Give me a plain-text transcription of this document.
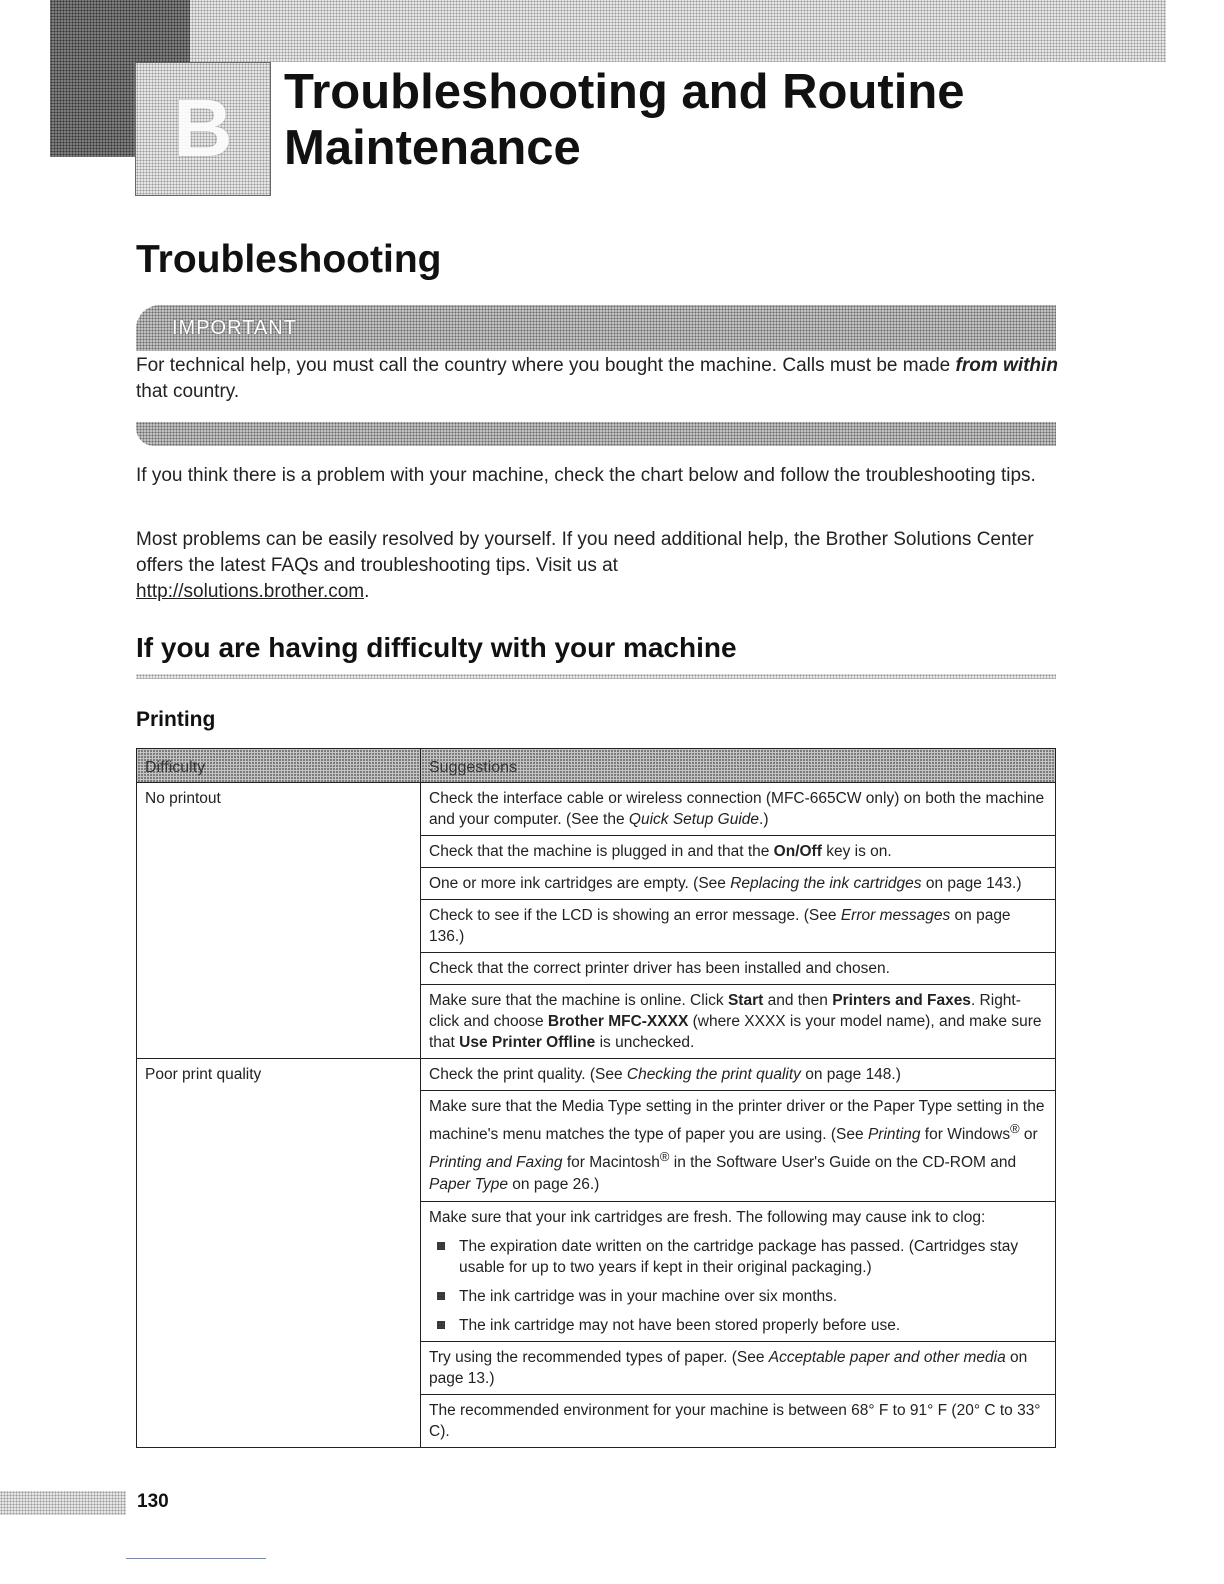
B	Troubleshooting and Routine Maintenance
Troubleshooting
IMPORTANT
For technical help, you must call the country where you bought the machine. Calls must be made from within that country.
If you think there is a problem with your machine, check the chart below and follow the troubleshooting tips.
Most problems can be easily resolved by yourself. If you need additional help, the Brother Solutions Center offers the latest FAQs and troubleshooting tips. Visit us at
http://solutions.brother.com.
If you are having difficulty with your machine
Printing
Difficulty	Suggestions
No printout	Check the interface cable or wireless connection (MFC-665CW only) on both the machine and your computer. (See the Quick Setup Guide.)
	Check that the machine is plugged in and that the On/Off key is on.
	One or more ink cartridges are empty. (See Replacing the ink cartridges on page 143.)
	Check to see if the LCD is showing an error message. (See Error messages on page 136.)
	Check that the correct printer driver has been installed and chosen.
	Make sure that the machine is online. Click Start and then Printers and Faxes. Right-click and choose Brother MFC-XXXX (where XXXX is your model name), and make sure that Use Printer Offline is unchecked.
Poor print quality	Check the print quality. (See Checking the print quality on page 148.)
	Make sure that the Media Type setting in the printer driver or the Paper Type setting in the machine's menu matches the type of paper you are using. (See Printing for Windows® or Printing and Faxing for Macintosh® in the Software User's Guide on the CD-ROM and Paper Type on page 26.)

	Make sure that your ink cartridges are fresh. The following may cause ink to clog:
The expiration date written on the cartridge package has passed. (Cartridges stay usable for up to two years if kept in their original packaging.)
The ink cartridge was in your machine over six months.
The ink cartridge may not have been stored properly before use.

	Try using the recommended types of paper. (See Acceptable paper and other media on page 13.)
	The recommended environment for your machine is between 68° F to 91° F (20° C to 33° C).
130
